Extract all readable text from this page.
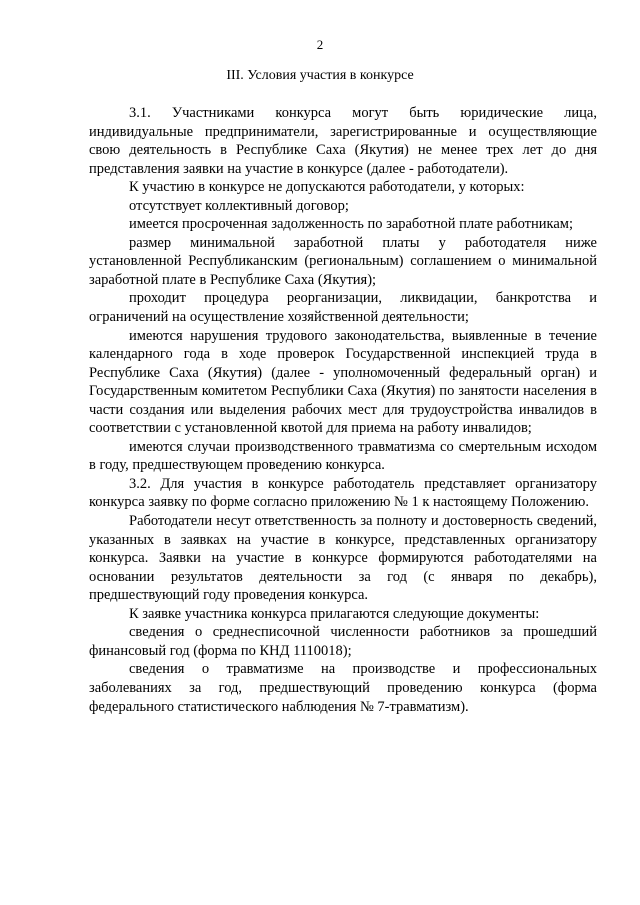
2
III. Условия участия в конкурсе

3.1. Участниками конкурса могут быть юридические лица, индивидуальные предприниматели, зарегистрированные и осуществляющие свою деятельность в Республике Саха (Якутия) не менее трех лет до дня представления заявки на участие в конкурсе (далее - работодатели).

К участию в конкурсе не допускаются работодатели, у которых:

отсутствует коллективный договор;

имеется просроченная задолженность по заработной плате работникам;

размер минимальной заработной платы у работодателя ниже установленной Республиканским (региональным) соглашением о минимальной заработной плате в Республике Саха (Якутия);

проходит процедура реорганизации, ликвидации, банкротства и ограничений на осуществление хозяйственной деятельности;

имеются нарушения трудового законодательства, выявленные в течение календарного года в ходе проверок Государственной инспекцией труда в Республике Саха (Якутия) (далее - уполномоченный федеральный орган) и Государственным комитетом Республики Саха (Якутия) по занятости населения в части создания или выделения рабочих мест для трудоустройства инвалидов в соответствии с установленной квотой для приема на работу инвалидов;

имеются случаи производственного травматизма со смертельным исходом в году, предшествующем проведению конкурса.

3.2. Для участия в конкурсе работодатель представляет организатору конкурса заявку по форме согласно приложению № 1 к настоящему Положению.

Работодатели несут ответственность за полноту и достоверность сведений, указанных в заявках на участие в конкурсе, представленных организатору конкурса. Заявки на участие в конкурсе формируются работодателями на основании результатов деятельности за год (с января по декабрь), предшествующий году проведения конкурса.

К заявке участника конкурса прилагаются следующие документы:

сведения о среднесписочной численности работников за прошедший финансовый год (форма по КНД 1110018);

сведения о травматизме на производстве и профессиональных заболеваниях за год, предшествующий проведению конкурса (форма федерального статистического наблюдения № 7-травматизм).
